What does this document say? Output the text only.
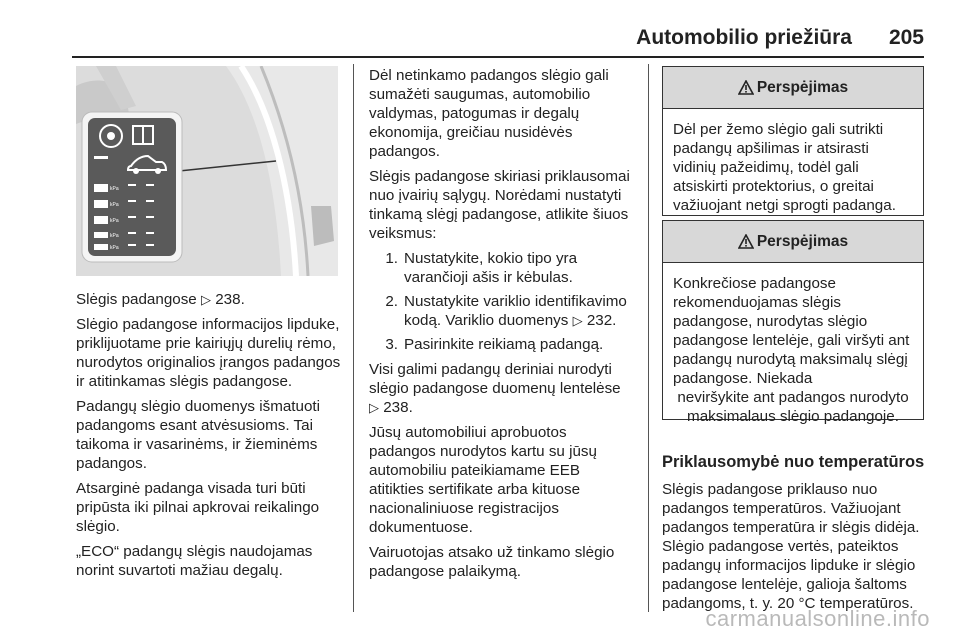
Automobilio priežiūra 205
kPa
kPa
kPa
kPa
kPa

Slėgis padangose ▷ 238.

Slėgio padangose informacijos lipduke, priklijuotame prie kairiųjų durelių rėmo, nurodytos originalios įrangos padangos ir atitinkamas slėgis padangose.

Padangų slėgio duomenys išmatuoti padangoms esant atvėsusioms. Tai taikoma ir vasarinėms, ir žieminėms padangos.

Atsarginė padanga visada turi būti pripūsta iki pilnai apkrovai reikalingo slėgio.

„ECO“ padangų slėgis naudojamas norint suvartoti mažiau degalų.

Dėl netinkamo padangos slėgio gali sumažėti saugumas, automobilio valdymas, patogumas ir degalų ekonomija, greičiau nusidėvės padangos.

Slėgis padangose skiriasi priklausomai nuo įvairių sąlygų. Norėdami nustatyti tinkamą slėgį padangose, atlikite šiuos veiksmus:

1. Nustatykite, kokio tipo yra varančioji ašis ir kėbulas.
2. Nustatykite variklio identifikavimo kodą. Variklio duomenys ▷ 232.
3. Pasirinkite reikiamą padangą.

Visi galimi padangų deriniai nurodyti slėgio padangose duomenų lentelėse
▷ 238.

Jūsų automobiliui aprobuotos padangos nurodytos kartu su jūsų automobiliu pateikiamame EEB atitikties sertifikate arba kituose nacionaliniuose registracijos dokumentuose.

Vairuotojas atsako už tinkamo slėgio padangose palaikymą.

Perspėjimas
Dėl per žemo slėgio gali sutrikti padangų apšilimas ir atsirasti vidinių pažeidimų, todėl gali atsiskirti protektorius, o greitai važiuojant netgi sprogti padanga.
Perspėjimas
Konkrečiose padangose rekomenduojamas slėgis padangose, nurodytas slėgio padangose lentelėje, gali viršyti ant padangų nurodytą maksimalų slėgį padangose. Niekada
neviršykite ant padangos nurodyto maksimalaus slėgio padangoje.
Priklausomybė nuo temperatūros

Slėgis padangose priklauso nuo padangos temperatūros. Važiuojant padangos temperatūra ir slėgis didėja. Slėgio padangose vertės, pateiktos padangų informacijos lipduke ir slėgio padangose lentelėje, galioja šaltoms padangoms, t. y. 20 °C temperatūros.

carmanualsonline.info
